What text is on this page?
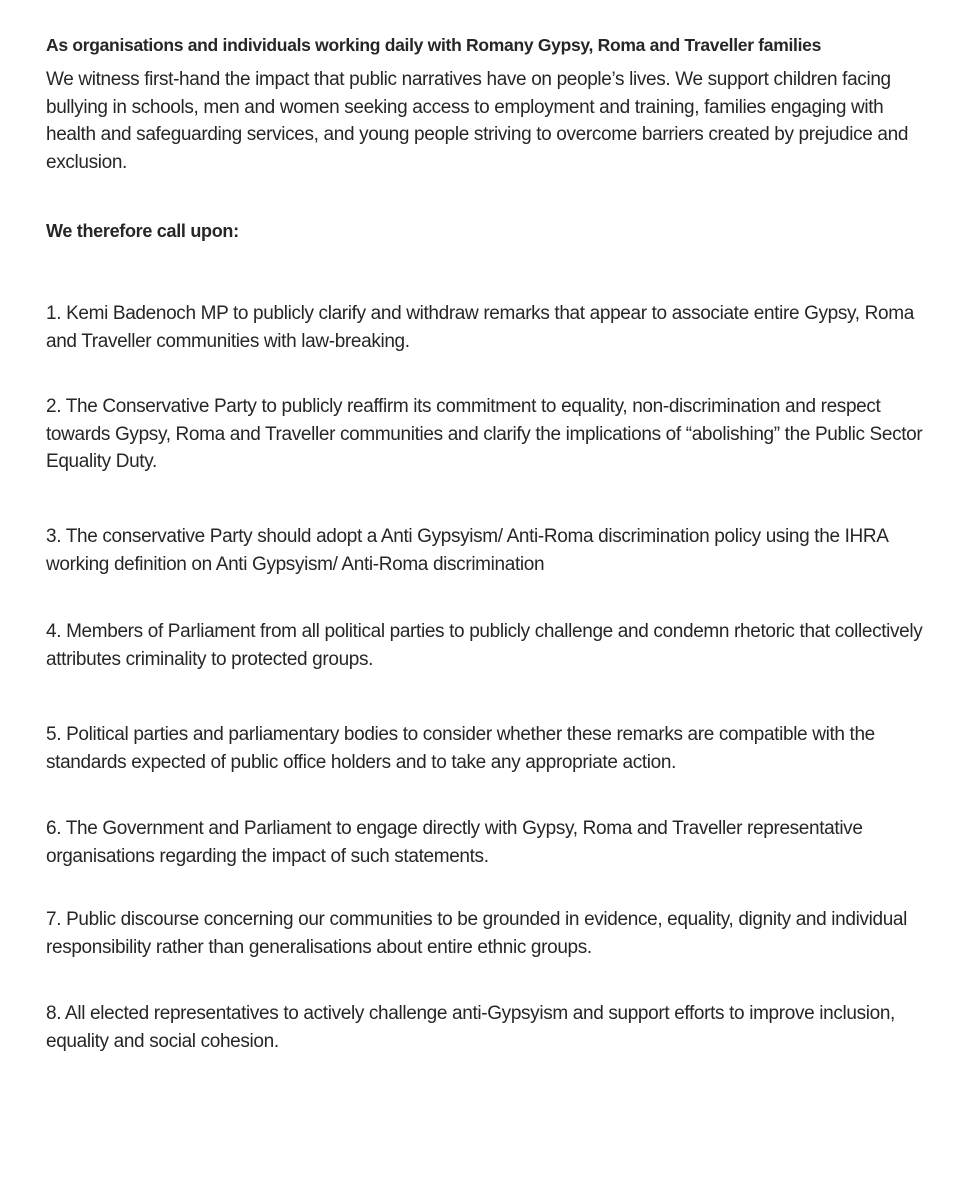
As organisations and individuals working daily with Romany Gypsy, Roma and Traveller families

We witness first-hand the impact that public narratives have on people’s lives. We support children facing bullying in schools, men and women seeking access to employment and training, families engaging with health and safeguarding services, and young people striving to overcome barriers created by prejudice and exclusion.

We therefore call upon:

1. Kemi Badenoch MP to publicly clarify and withdraw remarks that appear to associate entire Gypsy, Roma and Traveller communities with law-breaking.
2. The Conservative Party to publicly reaffirm its commitment to equality, non-discrimination and respect towards Gypsy, Roma and Traveller communities and clarify the implications of “abolishing” the Public Sector Equality Duty.
3. The conservative Party should adopt a Anti Gypsyism/ Anti-Roma discrimination policy using the IHRA working definition on Anti Gypsyism/ Anti-Roma discrimination
4. Members of Parliament from all political parties to publicly challenge and condemn rhetoric that collectively attributes criminality to protected groups.
5. Political parties and parliamentary bodies to consider whether these remarks are compatible with the standards expected of public office holders and to take any appropriate action.
6. The Government and Parliament to engage directly with Gypsy, Roma and Traveller representative organisations regarding the impact of such statements.
7. Public discourse concerning our communities to be grounded in evidence, equality, dignity and individual responsibility rather than generalisations about entire ethnic groups.
8. All elected representatives to actively challenge anti-Gypsyism and support efforts to improve inclusion, equality and social cohesion.
